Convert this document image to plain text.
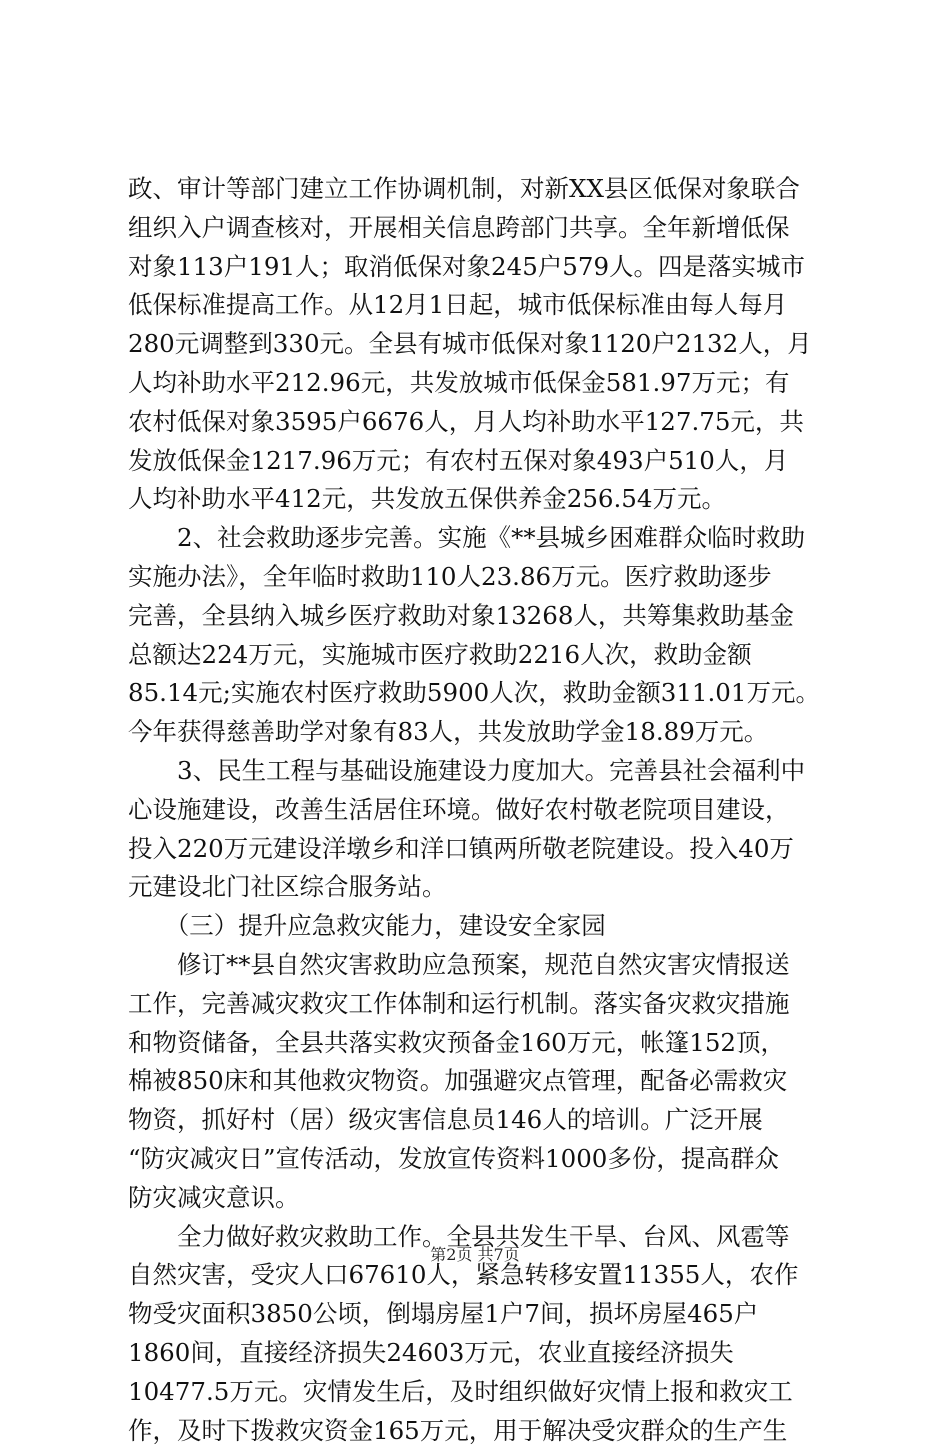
政、审计等部门建立工作协调机制，对新XX县区低保对象联合
组织入户调查核对，开展相关信息跨部门共享。全年新增低保
对象113户191人；取消低保对象245户579人。四是落实城市
低保标准提高工作。从12月1日起，城市低保标准由每人每月
280元调整到330元。全县有城市低保对象1120户2132人，月
人均补助水平212.96元，共发放城市低保金581.97万元；有
农村低保对象3595户6676人，月人均补助水平127.75元，共
发放低保金1217.96万元；有农村五保对象493户510人，月
人均补助水平412元，共发放五保供养金256.54万元。
　　2、社会救助逐步完善。实施《**县城乡困难群众临时救助
实施办法》，全年临时救助110人23.86万元。医疗救助逐步
完善，全县纳入城乡医疗救助对象13268人，共筹集救助基金
总额达224万元，实施城市医疗救助2216人次，救助金额
85.14元;实施农村医疗救助5900人次，救助金额311.01万元。
今年获得慈善助学对象有83人，共发放助学金18.89万元。
　　3、民生工程与基础设施建设力度加大。完善县社会福利中
心设施建设，改善生活居住环境。做好农村敬老院项目建设，
投入220万元建设洋墩乡和洋口镇两所敬老院建设。投入40万
元建设北门社区综合服务站。
　　（三）提升应急救灾能力，建设安全家园
　　修订**县自然灾害救助应急预案，规范自然灾害灾情报送
工作，完善减灾救灾工作体制和运行机制。落实备灾救灾措施
和物资储备，全县共落实救灾预备金160万元，帐篷152顶，
棉被850床和其他救灾物资。加强避灾点管理，配备必需救灾
物资，抓好村（居）级灾害信息员146人的培训。广泛开展
“防灾减灾日”宣传活动，发放宣传资料1000多份，提高群众
防灾减灾意识。
　　全力做好救灾救助工作。全县共发生干旱、台风、风雹等
自然灾害，受灾人口67610人，紧急转移安置11355人，农作
物受灾面积3850公顷，倒塌房屋1户7间，损坏房屋465户
1860间，直接经济损失24603万元，农业直接经济损失
10477.5万元。灾情发生后，及时组织做好灾情上报和救灾工
作，及时下拨救灾资金165万元，用于解决受灾群众的生产生
第2页 共7页
